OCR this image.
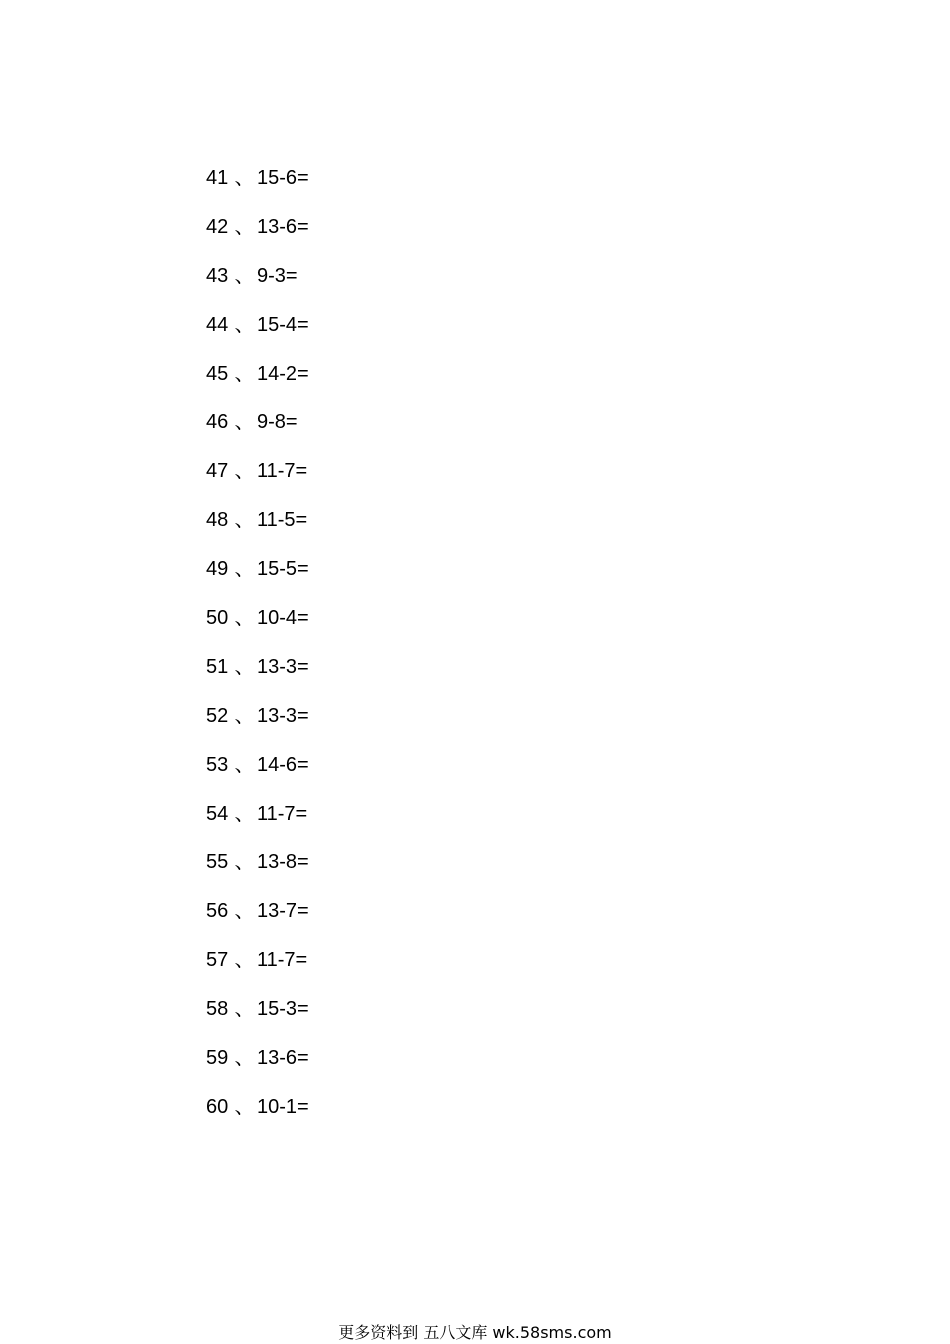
41 、 15-6=
42 、 13-6=
43 、 9-3=
44 、 15-4=
45 、 14-2=
46 、 9-8=
47 、 11-7=
48 、 11-5=
49 、 15-5=
50 、 10-4=
51 、 13-3=
52 、 13-3=
53 、 14-6=
54 、 11-7=
55 、 13-8=
56 、 13-7=
57 、 11-7=
58 、 15-3=
59 、 13-6=
60 、 10-1=
更多资料到 五八文库 wk.58sms.com
